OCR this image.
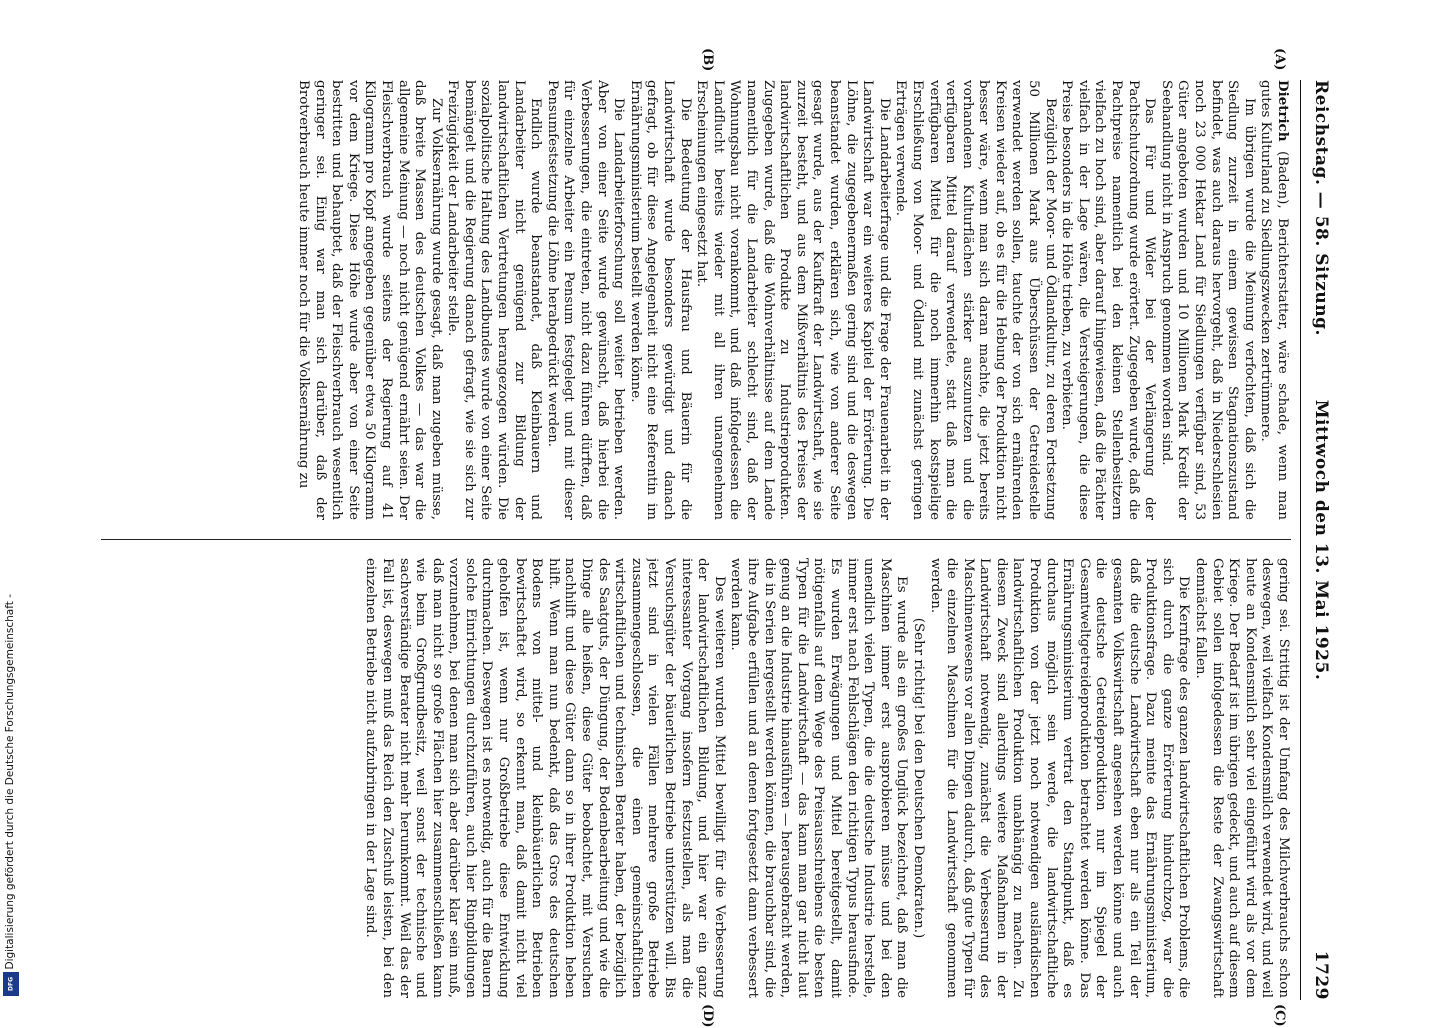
Reichstag. — 58. Sitzung.
Mittwoch den 13. Mai 1925.
1729

Dietrich (Baden), Berichterstatter, wäre schade, wenn man gutes Kulturland zu Siedlungszwecken zertrümmere.

Im übrigen wurde die Meinung verfochten, daß sich die Siedlung zurzeit in einem gewissen Stagnationszustand befindet, was auch daraus hervorgeht, daß in Niederschlesien noch 23 000 Hektar Land für Siedlungen verfügbar sind, 53 Güter angeboten wurden und 10 Millionen Mark Kredit der Seehandlung nicht in Anspruch genommen worden sind.

Das Für und Wider bei der Verlängerung der Pachtschutzordnung wurde erörtert. Zugegeben wurde, daß die Pachtpreise namentlich bei den kleinen Stellenbesitzern vielfach zu hoch sind, aber darauf hingewiesen, daß die Pächter vielfach in der Lage wären, die Versteigerungen, die diese Preise besonders in die Höhe trieben, zu verbieten.

Bezüglich der Moor- und Ödlandkultur, zu deren Fortsetzung 50 Millionen Mark aus Überschüssen der Getreidestelle verwendet werden sollen, tauchte der von sich ernährenden Kreisen wieder auf, ob es für die Hebung der Produktion nicht besser wäre, wenn man sich daran machte, die jetzt bereits vorhandenen Kulturflächen stärker auszunutzen und die verfügbaren Mittel darauf verwendete, statt daß man die verfügbaren Mittel für die noch immerhin kostspielige Erschließung von Moor- und Ödland mit zunächst geringen Erträgen verwende.

Die Landarbeiterfrage und die Frage der Frauenarbeit in der Landwirtschaft war ein weiteres Kapitel der Erörterung. Die Löhne, die zugegebenermaßen gering sind und die deswegen beanstandet wurden, erklären sich, wie von anderer Seite gesagt wurde, aus der Kaufkraft der Landwirtschaft, wie sie zurzeit besteht, und aus dem Mißverhältnis des Preises der landwirtschaftlichen Produkte zu Industrieprodukten. Zugegeben wurde, daß die Wohnverhältnisse auf dem Lande namentlich für die Landarbeiter schlecht sind, daß der Wohnungsbau nicht vorankommt, und daß infolgedessen die Landflucht bereits wieder mit all ihren unangenehmen Erscheinungen eingesetzt hat.

Die Bedeutung der Hausfrau und Bäuerin für die Landwirtschaft wurde besonders gewürdigt und danach gefragt, ob für diese Angelegenheit nicht eine Referentin im Ernährungsministerium bestellt werden könne.

Die Landarbeiterforschung soll weiter betrieben werden. Aber von einer Seite wurde gewünscht, daß hierbei die Verbesserungen, die eintreten, nicht dazu führen dürften, daß für einzelne Arbeiter ein Pensum festgelegt und mit dieser Pensumfestsetzung die Löhne herabgedrückt werden.

Endlich wurde beanstandet, daß Kleinbauern und Landarbeiter nicht genügend zur Bildung der landwirtschaftlichen Vertretungen herangezogen würden. Die sozialpolitische Haltung des Landbundes wurde von einer Seite bemängelt und die Regierung danach gefragt, wie sie sich zur Freizügigkeit der Landarbeiter stelle.

Zur Volksernährung wurde gesagt, daß man zugeben müsse, daß breite Massen des deutschen Volkes — das war die allgemeine Meinung — noch nicht genügend ernährt seien. Der Fleischverbrauch wurde seitens der Regierung auf 41 Kilogramm pro Kopf angegeben gegenüber etwa 50 Kilogramm vor dem Kriege. Diese Höhe wurde aber von einer Seite bestritten und behauptet, daß der Fleischverbrauch wesentlich geringer sei. Einig war man sich darüber, daß der Brotverbrauch heute immer noch für die Volksernährung zu

gering sei. Strittig ist der Umfang des Milchverbrauchs schon deswegen, weil vielfach Kondensmilch verwendet wird, und weil heute an Kondensmilch sehr viel eingeführt wird als vor dem Kriege. Der Bedarf ist im übrigen gedeckt, und auch auf diesem Gebiet sollen infolgedessen die Reste der Zwangswirtschaft demnächst fallen.

Die Kernfrage des ganzen landwirtschaftlichen Problems, die sich durch die ganze Erörterung hindurchzog, war die Produktionsfrage. Dazu meinte das Ernährungsministerium, daß die deutsche Landwirtschaft eben nur als ein Teil der gesamten Volkswirtschaft angesehen werden könne und auch die deutsche Getreideproduktion nur im Spiegel der Gesamtweltgetreideproduktion betrachtet werden könne. Das Ernährungsministerium vertrat den Standpunkt, daß es durchaus möglich sein werde, die landwirtschaftliche Produktion von der jetzt noch notwendigen ausländischen landwirtschaftlichen Produktion unabhängig zu machen. Zu diesem Zweck sind allerdings weitere Maßnahmen in der Landwirtschaft notwendig, zunächst die Verbesserung des Maschinenwesens vor allen Dingen dadurch, daß gute Typen für die einzelnen Maschinen für die Landwirtschaft genommen werden.

(Sehr richtig! bei den Deutschen Demokraten.)

Es wurde als ein großes Unglück bezeichnet, daß man die Maschinen immer erst ausprobieren müsse und bei den unendlich vielen Typen, die die deutsche Industrie herstelle, immer erst nach Fehlschlägen den richtigen Typus herausfinde. Es wurden Erwägungen und Mittel bereitgestellt, damit nötigenfalls auf dem Wege des Preisausschreibens die besten Typen für die Landwirtschaft — das kann man gar nicht laut genug an die Industrie hinausführen — herausgebracht werden, die in Serien hergestellt werden können, die brauchbar sind, die ihre Aufgabe erfüllen und an denen fortgesetzt dann verbessert werden kann.

Des weiteren wurden Mittel bewilligt für die Verbesserung der landwirtschaftlichen Bildung, und hier war ein ganz interessanter Vorgang insofern festzustellen, als man die Versuchsgüter der bäuerlichen Betriebe unterstützen will. Bis jetzt sind in vielen Fällen mehrere große Betriebe zusammengeschlossen, die einen gemeinschaftlichen wirtschaftlichen und technischen Berater haben, der bezüglich des Saatguts, der Düngung, der Bodenbearbeitung und wie die Dinge alle heißen, diese Güter beobachtet, mit Versuchen nachhilft und diese Güter dann so in ihrer Produktion heben hilft. Wenn man nun bedenkt, daß das Gros des deutschen Bodens von mittel- und kleinbäuerlichen Betrieben bewirtschaftet wird, so erkennt man, daß damit nicht viel geholfen ist, wenn nur Großbetriebe diese Entwicklung durchmachen. Deswegen ist es notwendig, auch für die Bauern solche Einrichtungen durchzuführen, auch hier Ringbildungen vorzunehmen, bei denen man sich aber darüber klar sein muß, daß man nicht so große Flächen hier zusammenschließen kann wie beim Großgrundbesitz, weil sonst der technische und sachverständige Berater nicht mehr herumkommt. Weil das der Fall ist, deswegen muß das Reich den Zuschuß leisten, bei den einzelnen Betriebe nicht aufzubringen in der Lage sind.

(A)
(B)
(C)
(D)
Digitalisierung gefördert durch die Deutsche Forschungsgemeinschaft -
DFG
